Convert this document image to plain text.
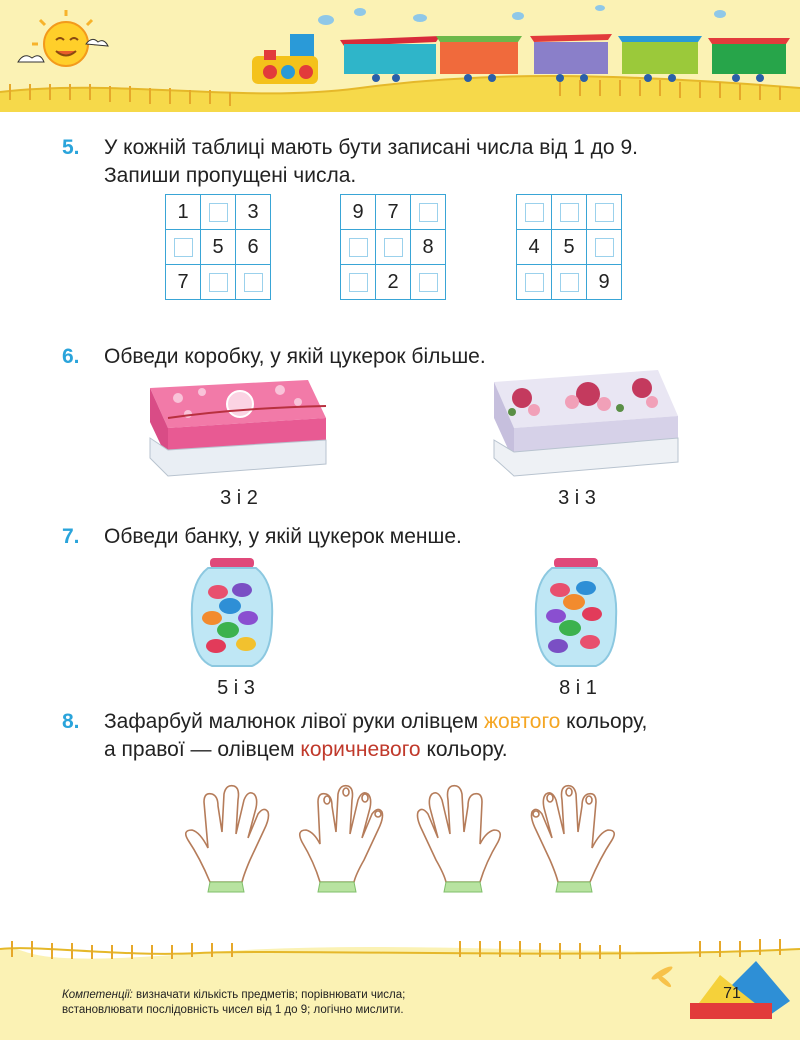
5. У кожній таблиці мають бути записані числа від 1 до 9.
Запиши пропущені числа.
1		3
	5	6
7		
9	7	
		8
	2	

4	5	
		9
6. Обведи коробку, у якій цукерок більше.
3 і 2	3 і 3
7. Обведи банку, у якій цукерок менше.
5 і 3	8 і 1
8. Зафарбуй малюнок лівої руки олівцем жовтого кольору,
а правої — олівцем коричневого кольору.
71
Компетенції: визначати кількість предметів; порівнювати числа;
встановлювати послідовність чисел від 1 до 9; логічно мислити.
